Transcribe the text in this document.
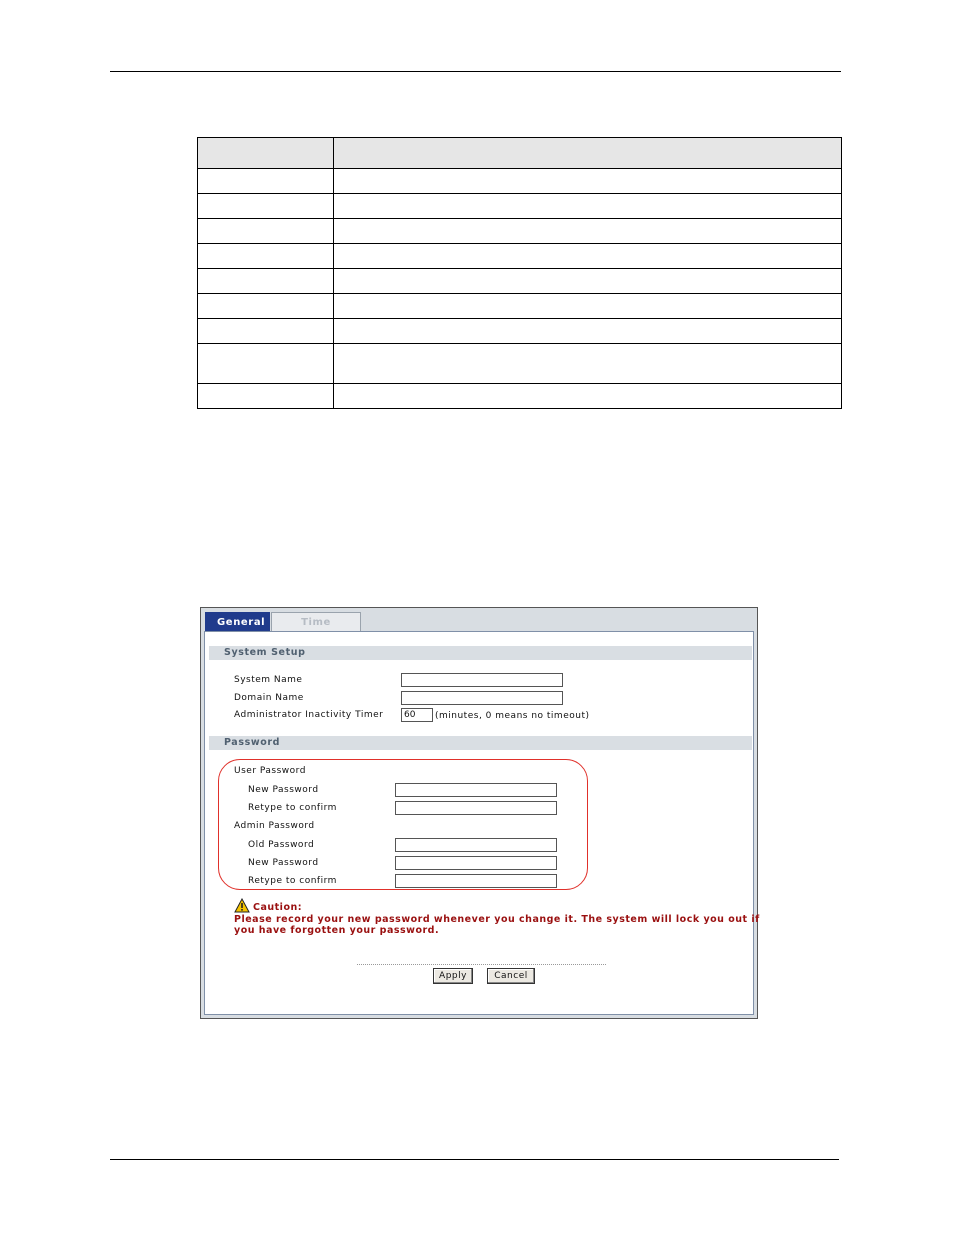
General	Time
System Setup
System Name
Domain Name
Administrator Inactivity Timer	60	(minutes, 0 means no timeout)
Password
User Password
New Password
Retype to confirm
Admin Password
Old Password
New Password
Retype to confirm
Caution:
Please record your new password whenever you change it. The system will lock you out if
you have forgotten your password.
Apply	Cancel
